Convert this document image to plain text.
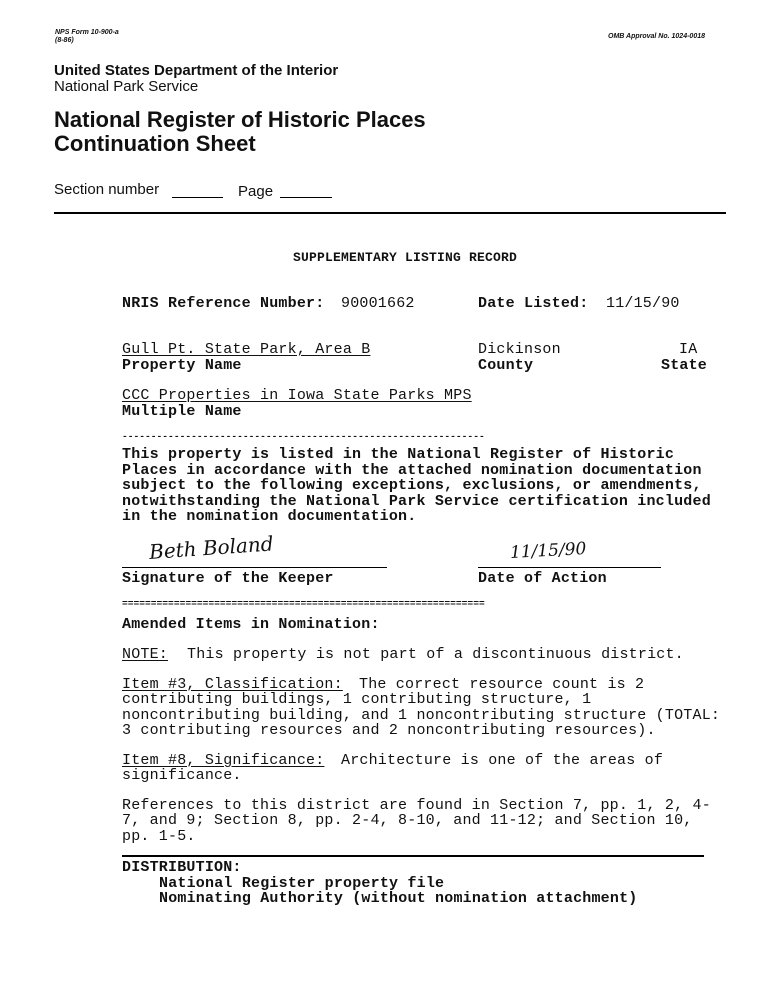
NPS Form 10-900-a
(8-86)
OMB Approval No. 1024-0018
United States Department of the Interior
National Park Service
National Register of Historic Places
Continuation Sheet
Section number	Page
SUPPLEMENTARY LISTING RECORD
NRIS Reference Number: 90001662	Date Listed: 11/15/90
Gull Pt. State Park, Area B
Property Name
Dickinson
County
IA
State
CCC Properties in Iowa State Parks MPS
Multiple Name
---------------------------------------------------------------
This property is listed in the National Register of Historic
Places in accordance with the attached nomination documentation
subject to the following exceptions, exclusions, or amendments,
notwithstanding the National Park Service certification included
in the nomination documentation.
Beth Boland
Signature of the Keeper
11/15/90
Date of Action
===============================================================
Amended Items in Nomination:
NOTE: This property is not part of a discontinuous district.
Item #3, Classification: The correct resource count is 2
contributing buildings, 1 contributing structure, 1
noncontributing building, and 1 noncontributing structure (TOTAL:
3 contributing resources and 2 noncontributing resources).
Item #8, Significance: Architecture is one of the areas of
significance.
References to this district are found in Section 7, pp. 1, 2, 4-
7, and 9; Section 8, pp. 2-4, 8-10, and 11-12; and Section 10,
pp. 1-5.
DISTRIBUTION:
National Register property file
Nominating Authority (without nomination attachment)
